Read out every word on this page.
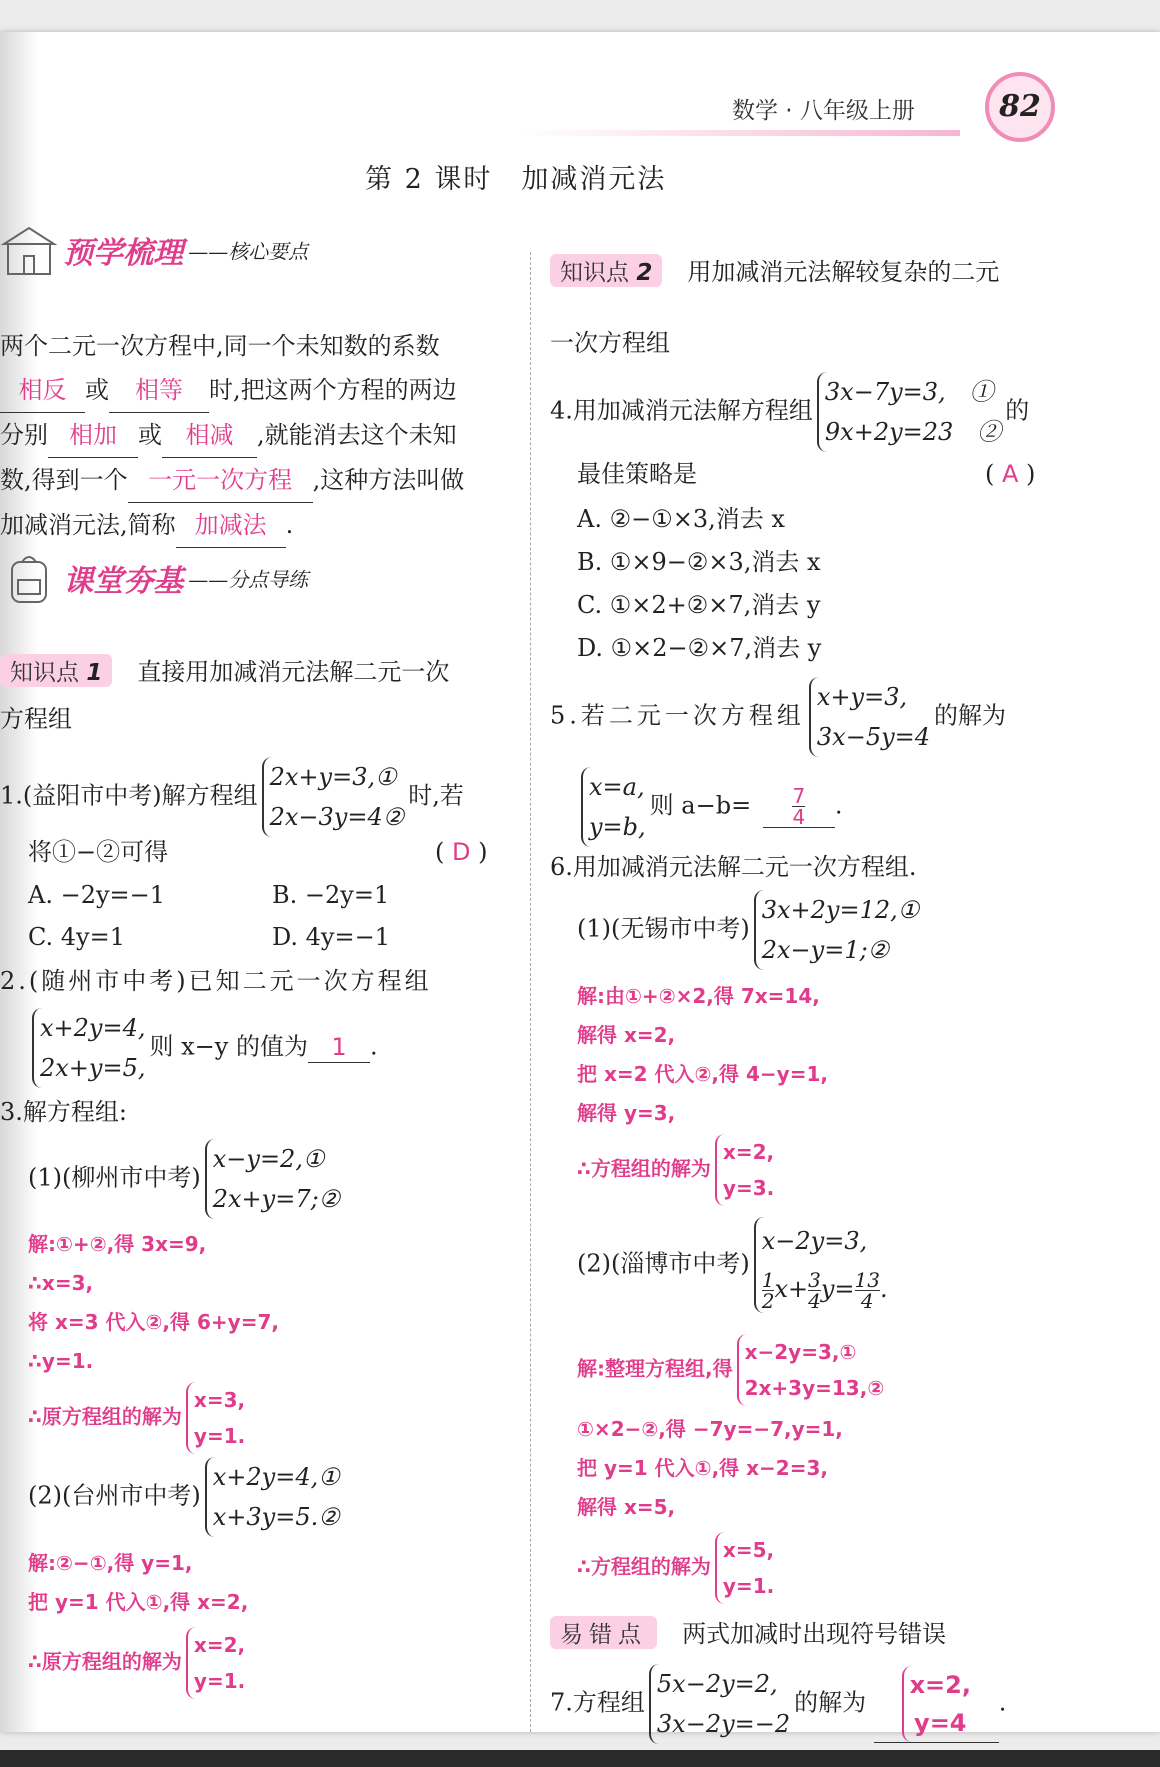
数学 · 八年级上册	82
第 2 课时　加减消元法
预学梳理 ——核心要点
两个二元一次方程中,同一个未知数的系数
相反 或 相等 时,把这两个方程的两边
分别 相加 或 相减 ,就能消去这个未知
数,得到一个 一元一次方程 ,这种方法叫做
加减消元法,简称 加减法 .
课堂夯基 ——分点导练
知识点 1 直接用加减消元法解二元一次
方程组
1.(益阳市中考)解方程组
2x+y=3,①
2x−3y=4②
时,若
将①−②可得	( D )
A. −2y=−1	B. −2y=1
C. 4y=1	D. 4y=−1
2.(随州市中考)已知二元一次方程组
x+2y=4,
2x+y=5,
则 x−y 的值为 1 .
3.解方程组:
(1)(柳州市中考)
x−y=2,①
2x+y=7;②
解:①+②,得 3x=9,
∴x=3,
将 x=3 代入②,得 6+y=7,
∴y=1.
∴原方程组的解为
x=3,
y=1.
(2)(台州市中考)
x+2y=4,①
x+3y=5.②
解:②−①,得 y=1,
把 y=1 代入①,得 x=2,
∴原方程组的解为
x=2,
y=1.
知识点 2 用加减消元法解较复杂的二元
一次方程组
4.用加减消元法解方程组
3x−7y=3,　①
9x+2y=23　②
的
最佳策略是	( A )
A. ②−①×3,消去 x
B. ①×9−②×3,消去 x
C. ①×2+②×7,消去 y
D. ①×2−②×7,消去 y
5.若二元一次方程组
x+y=3,
3x−5y=4
的解为
x=a,
y=b,
则 $a-b= \frac{7}{4}$ .
6.用加减消元法解二元一次方程组.
(1)(无锡市中考)
3x+2y=12,①
2x−y=1;②
解:由①+②×2,得 7x=14,
解得 x=2,
把 x=2 代入②,得 4−y=1,
解得 y=3,
∴方程组的解为
x=2,
y=3.
(2)(淄博市中考)
x−2y=3,
$\frac{1}{2} x+ \frac{3}{4} y= \frac{13}{4}$ .
解:整理方程组,得
x−2y=3,①
2x+3y=13,②
①×2−②,得 −7y=−7,y=1,
把 y=1 代入①,得 x−2=3,
解得 x=5,
∴方程组的解为
x=5,
y=1.
易错点 两式加减时出现符号错误
7.方程组
5x−2y=2,
3x−2y=−2
的解为
x=2,
y=4
.
